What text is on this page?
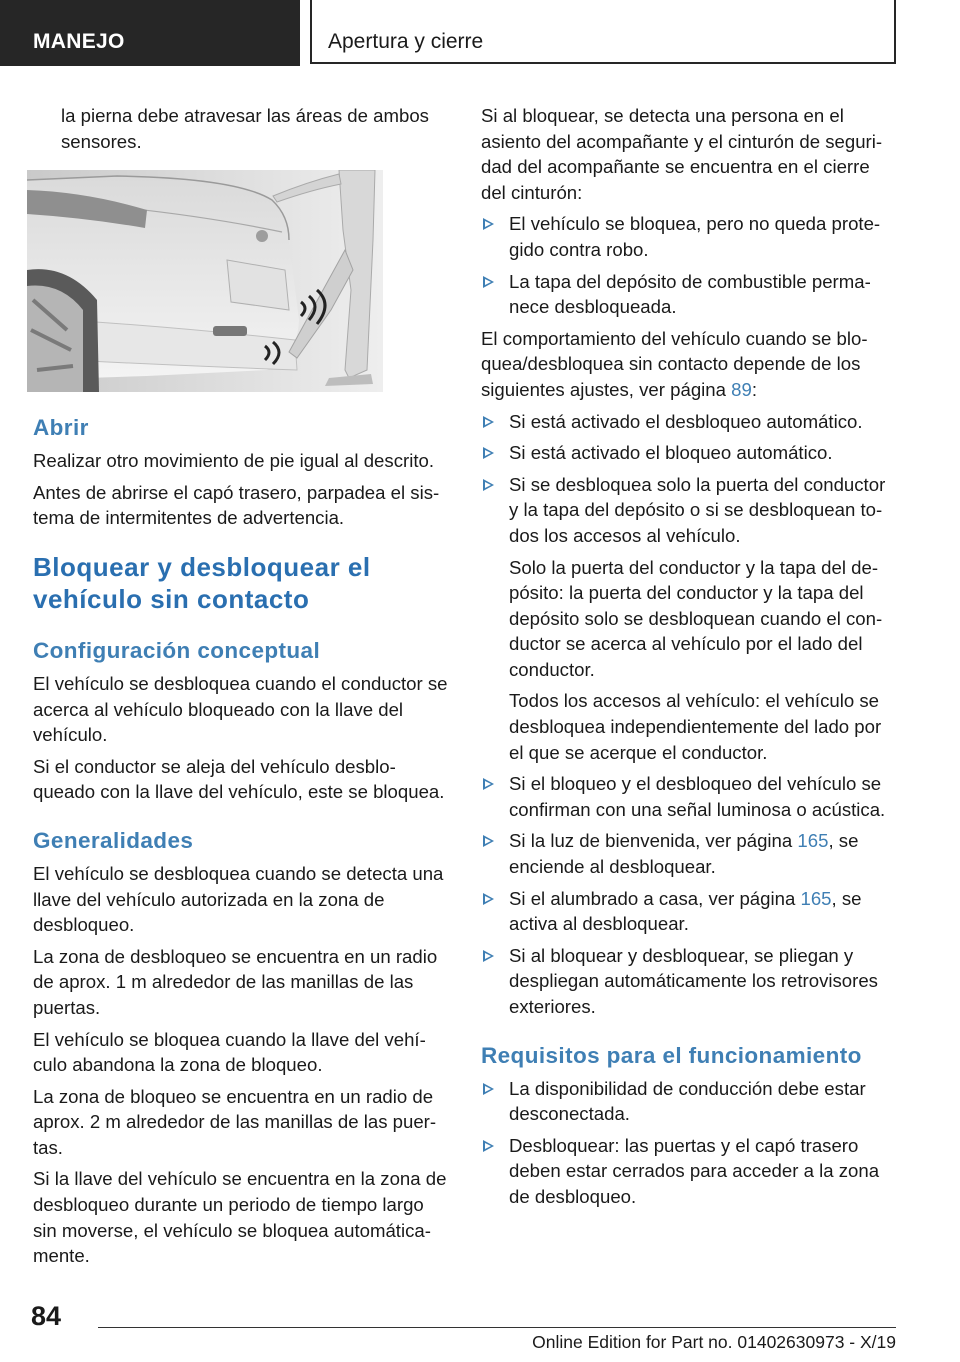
MANEJO	Apertura y cierre

la pierna debe atravesar las áreas de ambos sensores.

Abrir

Realizar otro movimiento de pie igual al descrito.

Antes de abrirse el capó trasero, parpadea el sis‐tema de intermitentes de advertencia.

Bloquear y desbloquear el vehículo sin contacto
Configuración conceptual

El vehículo se desbloquea cuando el conductor se acerca al vehículo bloqueado con la llave del vehículo.

Si el conductor se aleja del vehículo desblo‐queado con la llave del vehículo, este se bloquea.

Generalidades

El vehículo se desbloquea cuando se detecta una llave del vehículo autorizada en la zona de desbloqueo.

La zona de desbloqueo se encuentra en un radio de aprox. 1 m alrededor de las manillas de las puertas.

El vehículo se bloquea cuando la llave del vehí‐culo abandona la zona de bloqueo.

La zona de bloqueo se encuentra en un radio de aprox. 2 m alrededor de las manillas de las puer‐tas.

Si la llave del vehículo se encuentra en la zona de desbloqueo durante un periodo de tiempo largo sin moverse, el vehículo se bloquea automática‐mente.

Si al bloquear, se detecta una persona en el asiento del acompañante y el cinturón de seguri‐dad del acompañante se encuentra en el cierre del cinturón:

El vehículo se bloquea, pero no queda prote‐gido contra robo.
La tapa del depósito de combustible perma‐nece desbloqueada.

El comportamiento del vehículo cuando se blo‐quea/desbloquea sin contacto depende de los siguientes ajustes, ver página 89:

Si está activado el desbloqueo automático.
Si está activado el bloqueo automático.
Si se desbloquea solo la puerta del conductor y la tapa del depósito o si se desbloquean to‐dos los accesos al vehículo.
Solo la puerta del conductor y la tapa del de‐pósito: la puerta del conductor y la tapa del depósito solo se desbloquean cuando el con‐ductor se acerca al vehículo por el lado del conductor.
Todos los accesos al vehículo: el vehículo se desbloquea independientemente del lado por el que se acerque el conductor.
Si el bloqueo y el desbloqueo del vehículo se confirman con una señal luminosa o acústica.
Si la luz de bienvenida, ver página 165, se enciende al desbloquear.
Si el alumbrado a casa, ver página 165, se activa al desbloquear.
Si al bloquear y desbloquear, se pliegan y despliegan automáticamente los retrovisores exteriores.
Requisitos para el funcionamiento
La disponibilidad de conducción debe estar desconectada.
Desbloquear: las puertas y el capó trasero deben estar cerrados para acceder a la zona de desbloqueo.
84
Online Edition for Part no. 01402630973 - X/19
